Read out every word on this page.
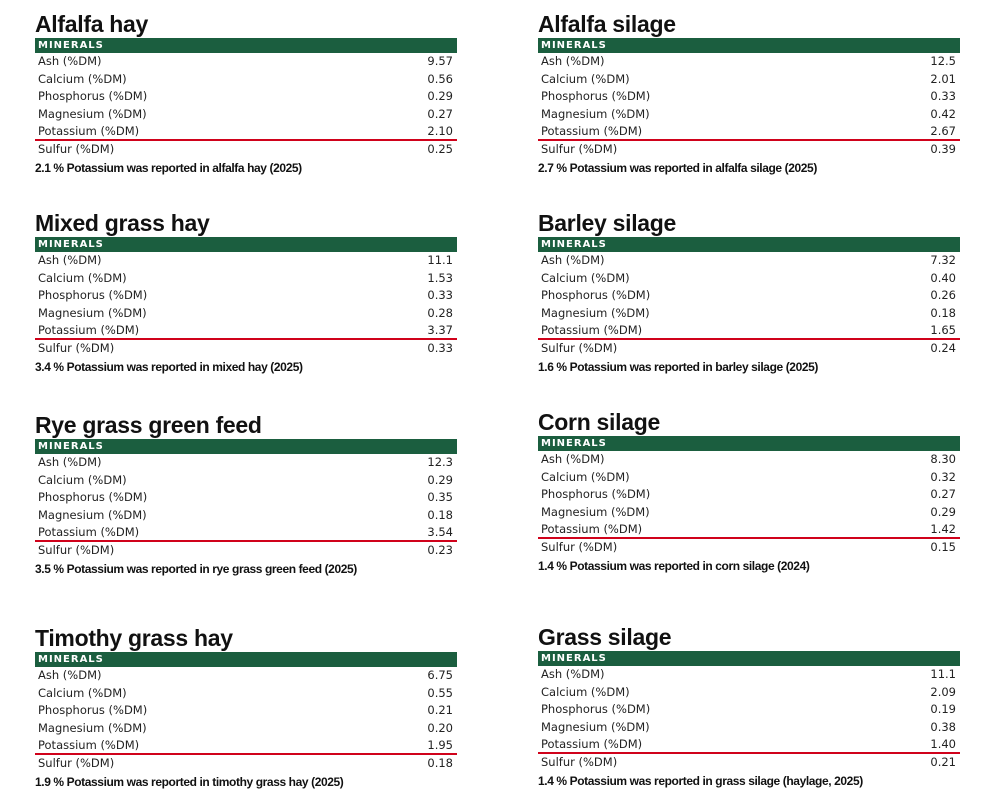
Alfalfa hay
MINERALS
Ash (%DM)	9.57
Calcium (%DM)	0.56
Phosphorus (%DM)	0.29
Magnesium (%DM)	0.27
Potassium (%DM)	2.10
Sulfur (%DM)	0.25
2.1 % Potassium was reported in alfalfa hay (2025)
Alfalfa silage
MINERALS
Ash (%DM)	12.5
Calcium (%DM)	2.01
Phosphorus (%DM)	0.33
Magnesium (%DM)	0.42
Potassium (%DM)	2.67
Sulfur (%DM)	0.39
2.7 % Potassium was reported in alfalfa silage (2025)
Mixed grass hay
MINERALS
Ash (%DM)	11.1
Calcium (%DM)	1.53
Phosphorus (%DM)	0.33
Magnesium (%DM)	0.28
Potassium (%DM)	3.37
Sulfur (%DM)	0.33
3.4 % Potassium was reported in mixed hay (2025)
Barley silage
MINERALS
Ash (%DM)	7.32
Calcium (%DM)	0.40
Phosphorus (%DM)	0.26
Magnesium (%DM)	0.18
Potassium (%DM)	1.65
Sulfur (%DM)	0.24
1.6 % Potassium was reported in barley silage (2025)
Rye grass green feed
MINERALS
Ash (%DM)	12.3
Calcium (%DM)	0.29
Phosphorus (%DM)	0.35
Magnesium (%DM)	0.18
Potassium (%DM)	3.54
Sulfur (%DM)	0.23
3.5 % Potassium was reported in rye grass green feed (2025)
Corn silage
MINERALS
Ash (%DM)	8.30
Calcium (%DM)	0.32
Phosphorus (%DM)	0.27
Magnesium (%DM)	0.29
Potassium (%DM)	1.42
Sulfur (%DM)	0.15
1.4 % Potassium was reported in corn silage (2024)
Timothy grass hay
MINERALS
Ash (%DM)	6.75
Calcium (%DM)	0.55
Phosphorus (%DM)	0.21
Magnesium (%DM)	0.20
Potassium (%DM)	1.95
Sulfur (%DM)	0.18
1.9 % Potassium was reported in timothy grass hay (2025)
Grass silage
MINERALS
Ash (%DM)	11.1
Calcium (%DM)	2.09
Phosphorus (%DM)	0.19
Magnesium (%DM)	0.38
Potassium (%DM)	1.40
Sulfur (%DM)	0.21
1.4 % Potassium was reported in grass silage (haylage, 2025)
